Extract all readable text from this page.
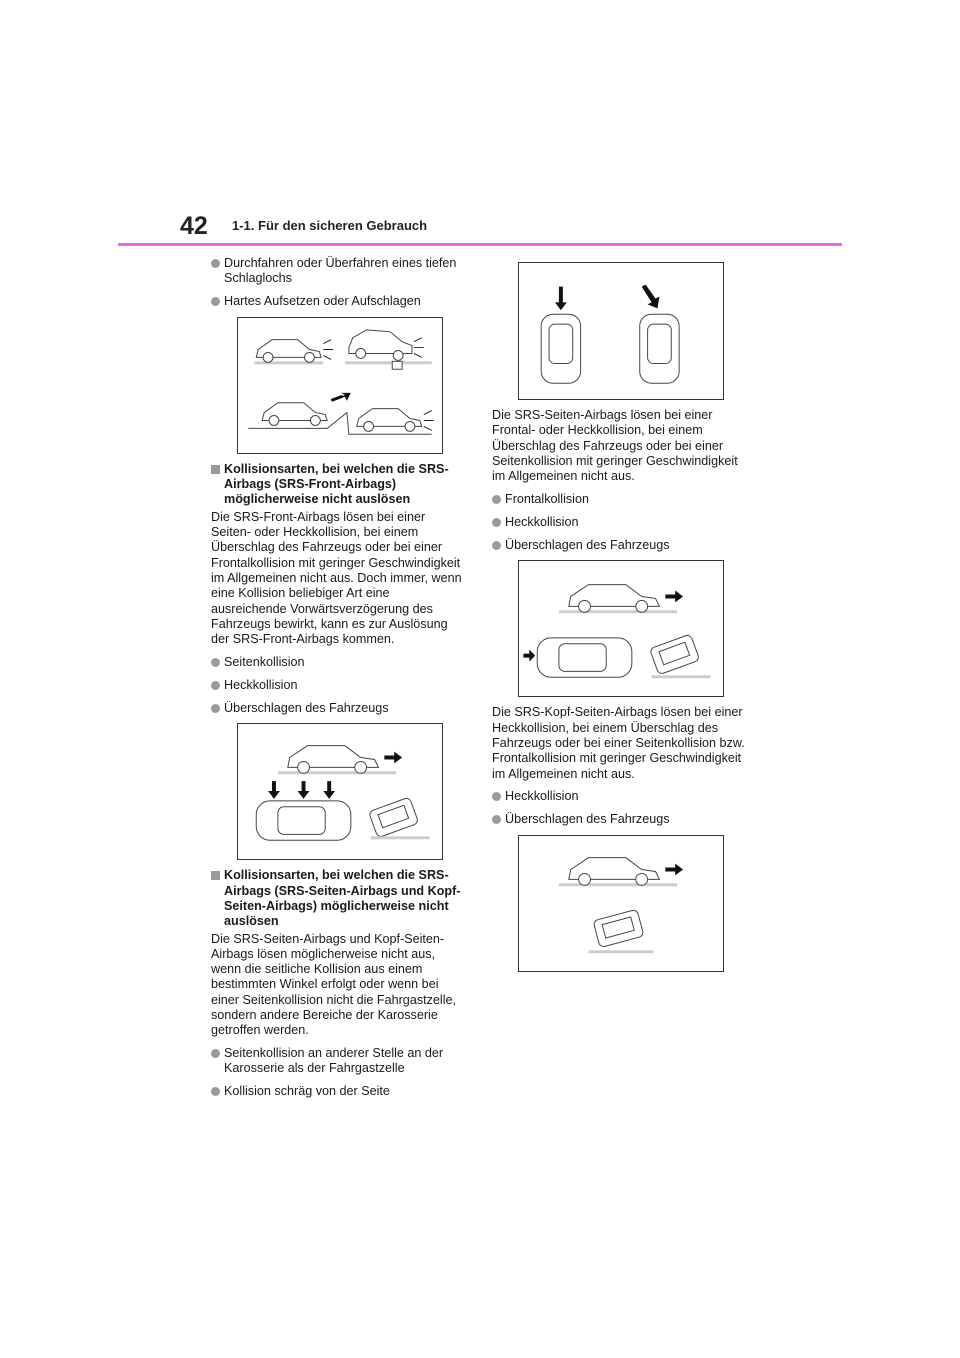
42 1-1. Für den sicheren Gebrauch
Durchfahren oder Überfahren eines tiefen Schlaglochs
Hartes Aufsetzen oder Aufschlagen
Kollisionsarten, bei welchen die SRS-Airbags (SRS-Front-Airbags) möglicherweise nicht auslösen

Die SRS-Front-Airbags lösen bei einer Seiten- oder Heckkollision, bei einem Überschlag des Fahrzeugs oder bei einer Frontalkollision mit geringer Geschwindigkeit im Allgemeinen nicht aus. Doch immer, wenn eine Kollision beliebiger Art eine ausreichende Vorwärtsverzögerung des Fahrzeugs bewirkt, kann es zur Auslösung der SRS-Front-Airbags kommen.

Seitenkollision
Heckkollision
Überschlagen des Fahrzeugs
Kollisionsarten, bei welchen die SRS-Airbags (SRS-Seiten-Airbags und Kopf-Seiten-Airbags) möglicherweise nicht auslösen

Die SRS-Seiten-Airbags und Kopf-Seiten-Airbags lösen möglicherweise nicht aus, wenn die seitliche Kollision aus einem bestimmten Winkel erfolgt oder wenn bei einer Seitenkollision nicht die Fahrgastzelle, sondern andere Bereiche der Karosserie getroffen werden.

Seitenkollision an anderer Stelle an der Karosserie als der Fahrgastzelle
Kollision schräg von der Seite

Die SRS-Seiten-Airbags lösen bei einer Frontal- oder Heckkollision, bei einem Überschlag des Fahrzeugs oder bei einer Seitenkollision mit geringer Geschwindigkeit im Allgemeinen nicht aus.

Frontalkollision
Heckkollision
Überschlagen des Fahrzeugs

Die SRS-Kopf-Seiten-Airbags lösen bei einer Heckkollision, bei einem Überschlag des Fahrzeugs oder bei einer Seitenkollision bzw. Frontalkollision mit geringer Geschwindigkeit im Allgemeinen nicht aus.

Heckkollision
Überschlagen des Fahrzeugs
